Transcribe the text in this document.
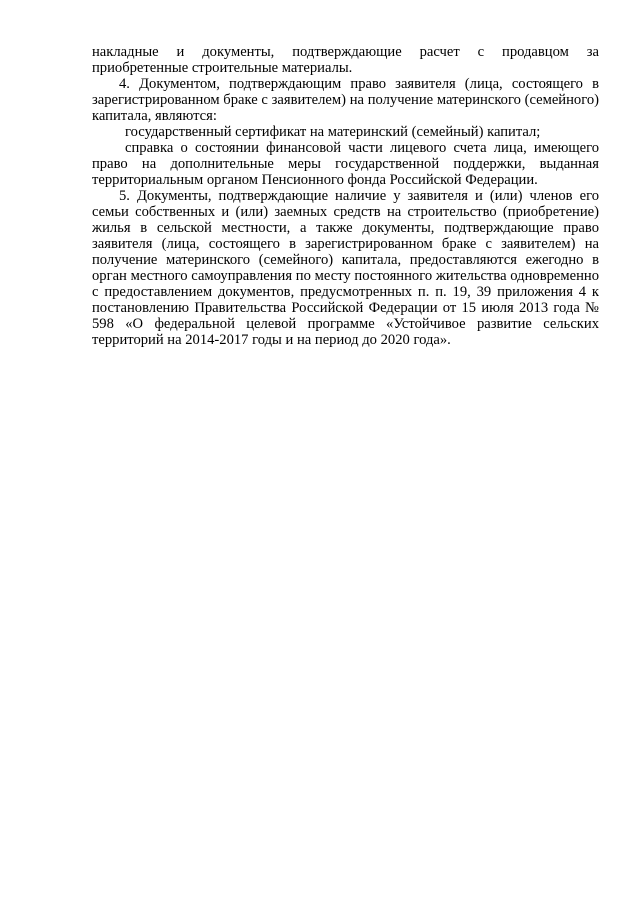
накладные и документы, подтверждающие расчет с продавцом за приобретенные строительные материалы.

4. Документом, подтверждающим право заявителя (лица, состоящего в зарегистрированном браке с заявителем) на получение материнского (семейного) капитала, являются:

государственный сертификат на материнский (семейный) капитал;

справка о состоянии финансовой части лицевого счета лица, имеющего право на дополнительные меры государственной поддержки, выданная территориальным органом Пенсионного фонда Российской Федерации.

5. Документы, подтверждающие наличие у заявителя и (или) членов его семьи собственных и (или) заемных средств на строительство (приобретение) жилья в сельской местности, а также документы, подтверждающие право заявителя (лица, состоящего в зарегистрированном браке с заявителем) на получение материнского (семейного) капитала, предоставляются ежегодно в орган местного самоуправления по месту постоянного жительства одновременно с предоставлением документов, предусмотренных п. п. 19, 39 приложения 4 к постановлению Правительства Российской Федерации от 15 июля 2013 года № 598 «О федеральной целевой программе «Устойчивое развитие сельских территорий на 2014-2017 годы и на период до 2020 года».
